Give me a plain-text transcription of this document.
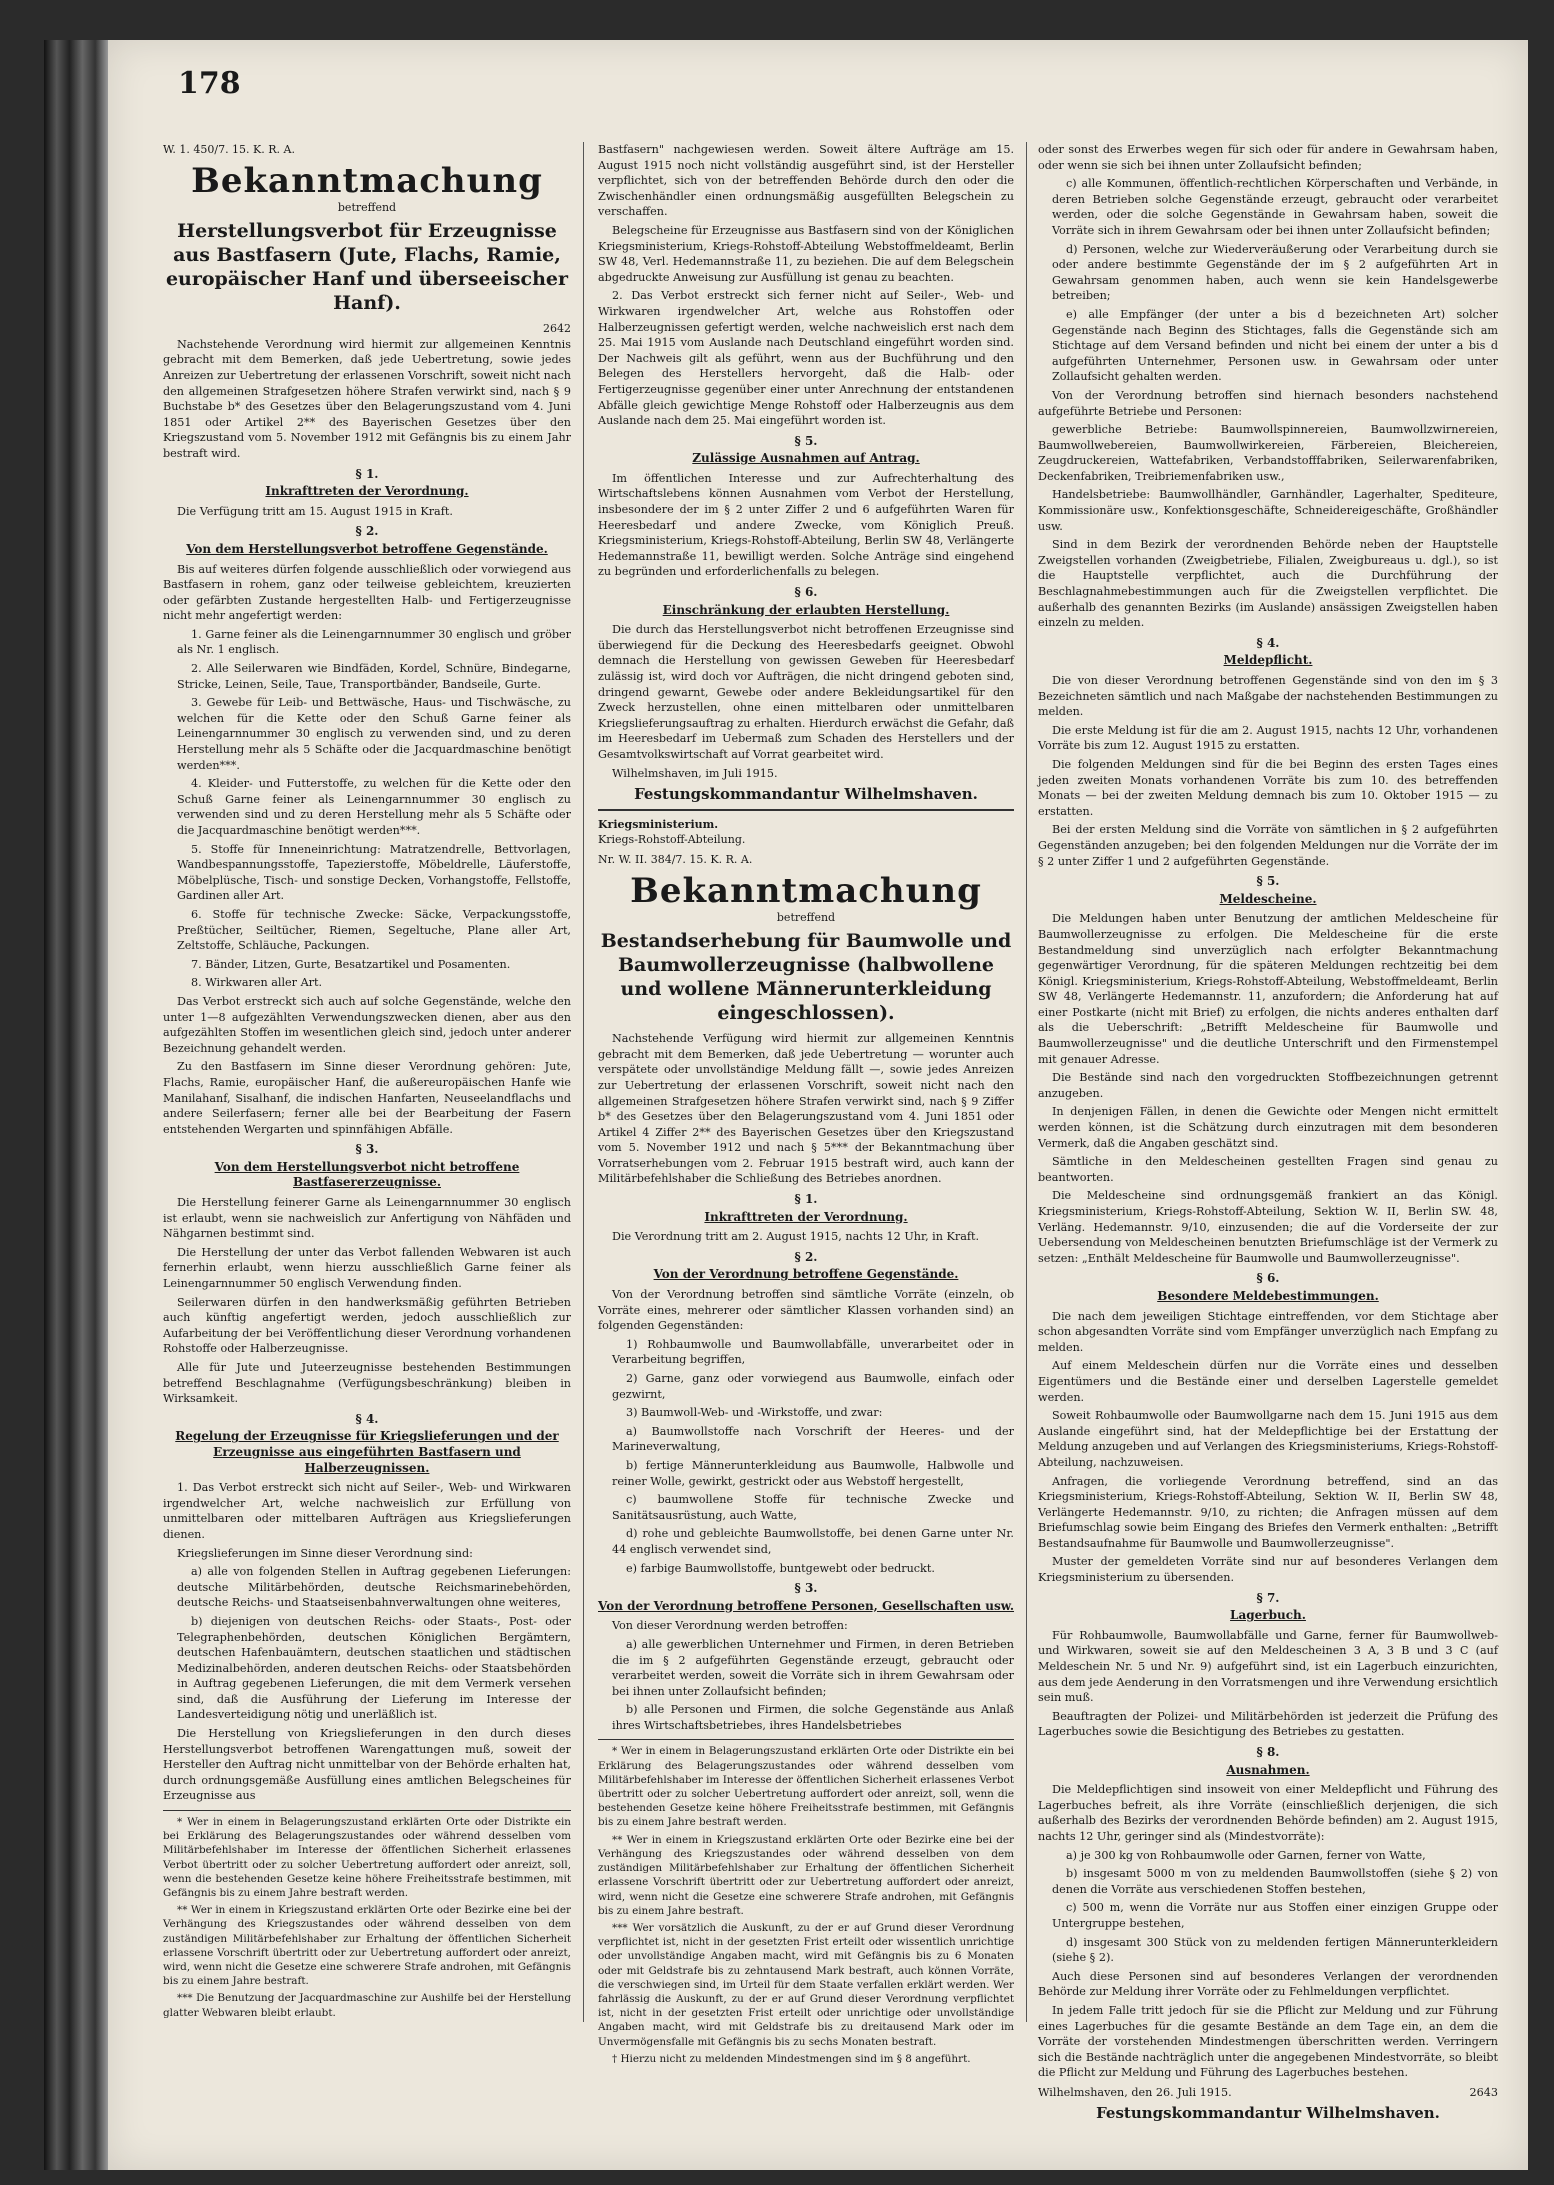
178
W. 1. 450/7. 15. K. R. A.
Bekanntmachung
betreffend
Herstellungsverbot für Erzeugnisse aus Bastfasern (Jute, Flachs, Ramie, europäischer Hanf und überseeischer Hanf).
2642

Nachstehende Verordnung wird hiermit zur allgemeinen Kenntnis gebracht mit dem Bemerken, daß jede Uebertretung, sowie jedes Anreizen zur Uebertretung der erlassenen Vorschrift, soweit nicht nach den allgemeinen Strafgesetzen höhere Strafen verwirkt sind, nach § 9 Buchstabe b* des Gesetzes über den Belagerungszustand vom 4. Juni 1851 oder Artikel 2** des Bayerischen Gesetzes über den Kriegszustand vom 5. November 1912 mit Gefängnis bis zu einem Jahr bestraft wird.

§ 1.
Inkrafttreten der Verordnung.

Die Verfügung tritt am 15. August 1915 in Kraft.

§ 2.
Von dem Herstellungsverbot betroffene Gegenstände.

Bis auf weiteres dürfen folgende ausschließlich oder vorwiegend aus Bastfasern in rohem, ganz oder teilweise gebleichtem, kreuzierten oder gefärbten Zustande hergestellten Halb- und Fertigerzeugnisse nicht mehr angefertigt werden:

1. Garne feiner als die Leinengarnnummer 30 englisch und gröber als Nr. 1 englisch.

2. Alle Seilerwaren wie Bindfäden, Kordel, Schnüre, Bindegarne, Stricke, Leinen, Seile, Taue, Transportbänder, Bandseile, Gurte.

3. Gewebe für Leib- und Bettwäsche, Haus- und Tischwäsche, zu welchen für die Kette oder den Schuß Garne feiner als Leinengarnnummer 30 englisch zu verwenden sind, und zu deren Herstellung mehr als 5 Schäfte oder die Jacquardmaschine benötigt werden***.

4. Kleider- und Futterstoffe, zu welchen für die Kette oder den Schuß Garne feiner als Leinengarnnummer 30 englisch zu verwenden sind und zu deren Herstellung mehr als 5 Schäfte oder die Jacquardmaschine benötigt werden***.

5. Stoffe für Inneneinrichtung: Matratzendrelle, Bettvorlagen, Wandbespannungsstoffe, Tapezierstoffe, Möbeldrelle, Läuferstoffe, Möbelplüsche, Tisch- und sonstige Decken, Vorhangstoffe, Fellstoffe, Gardinen aller Art.

6. Stoffe für technische Zwecke: Säcke, Verpackungsstoffe, Preßtücher, Seiltücher, Riemen, Segeltuche, Plane aller Art, Zeltstoffe, Schläuche, Packungen.

7. Bänder, Litzen, Gurte, Besatzartikel und Posamenten.

8. Wirkwaren aller Art.

Das Verbot erstreckt sich auch auf solche Gegenstände, welche den unter 1—8 aufgezählten Verwendungszwecken dienen, aber aus den aufgezählten Stoffen im wesentlichen gleich sind, jedoch unter anderer Bezeichnung gehandelt werden.

Zu den Bastfasern im Sinne dieser Verordnung gehören: Jute, Flachs, Ramie, europäischer Hanf, die außereuropäischen Hanfe wie Manilahanf, Sisalhanf, die indischen Hanfarten, Neuseelandflachs und andere Seilerfasern; ferner alle bei der Bearbeitung der Fasern entstehenden Wergarten und spinnfähigen Abfälle.

§ 3.
Von dem Herstellungsverbot nicht betroffene Bastfasererzeugnisse.

Die Herstellung feinerer Garne als Leinengarnnummer 30 englisch ist erlaubt, wenn sie nachweislich zur Anfertigung von Nähfäden und Nähgarnen bestimmt sind.

Die Herstellung der unter das Verbot fallenden Webwaren ist auch fernerhin erlaubt, wenn hierzu ausschließlich Garne feiner als Leinengarnnummer 50 englisch Verwendung finden.

Seilerwaren dürfen in den handwerksmäßig geführten Betrieben auch künftig angefertigt werden, jedoch ausschließlich zur Aufarbeitung der bei Veröffentlichung dieser Verordnung vorhandenen Rohstoffe oder Halberzeugnisse.

Alle für Jute und Juteerzeugnisse bestehenden Bestimmungen betreffend Beschlagnahme (Verfügungsbeschränkung) bleiben in Wirksamkeit.

§ 4.
Regelung der Erzeugnisse für Kriegslieferungen und der Erzeugnisse aus eingeführten Bastfasern und Halberzeugnissen.

1. Das Verbot erstreckt sich nicht auf Seiler-, Web- und Wirkwaren irgendwelcher Art, welche nachweislich zur Erfüllung von unmittelbaren oder mittelbaren Aufträgen aus Kriegslieferungen dienen.

Kriegslieferungen im Sinne dieser Verordnung sind:

a) alle von folgenden Stellen in Auftrag gegebenen Lieferungen: deutsche Militärbehörden, deutsche Reichsmarinebehörden, deutsche Reichs- und Staatseisenbahnverwaltungen ohne weiteres,

b) diejenigen von deutschen Reichs- oder Staats-, Post- oder Telegraphenbehörden, deutschen Königlichen Bergämtern, deutschen Hafenbauämtern, deutschen staatlichen und städtischen Medizinalbehörden, anderen deutschen Reichs- oder Staatsbehörden in Auftrag gegebenen Lieferungen, die mit dem Vermerk versehen sind, daß die Ausführung der Lieferung im Interesse der Landesverteidigung nötig und unerläßlich ist.

Die Herstellung von Kriegslieferungen in den durch dieses Herstellungsverbot betroffenen Warengattungen muß, soweit der Hersteller den Auftrag nicht unmittelbar von der Behörde erhalten hat, durch ordnungsgemäße Ausfüllung eines amtlichen Belegscheines für Erzeugnisse aus

* Wer in einem in Belagerungszustand erklärten Orte oder Distrikte ein bei Erklärung des Belagerungszustandes oder während desselben vom Militärbefehlshaber im Interesse der öffentlichen Sicherheit erlassenes Verbot übertritt oder zu solcher Uebertretung auffordert oder anreizt, soll, wenn die bestehenden Gesetze keine höhere Freiheitsstrafe bestimmen, mit Gefängnis bis zu einem Jahre bestraft werden.

** Wer in einem in Kriegszustand erklärten Orte oder Bezirke eine bei der Verhängung des Kriegszustandes oder während desselben von dem zuständigen Militärbefehlshaber zur Erhaltung der öffentlichen Sicherheit erlassene Vorschrift übertritt oder zur Uebertretung auffordert oder anreizt, wird, wenn nicht die Gesetze eine schwerere Strafe androhen, mit Gefängnis bis zu einem Jahre bestraft.

*** Die Benutzung der Jacquardmaschine zur Aushilfe bei der Herstellung glatter Webwaren bleibt erlaubt.

Bastfasern" nachgewiesen werden. Soweit ältere Aufträge am 15. August 1915 noch nicht vollständig ausgeführt sind, ist der Hersteller verpflichtet, sich von der betreffenden Behörde durch den oder die Zwischenhändler einen ordnungsmäßig ausgefüllten Belegschein zu verschaffen.

Belegscheine für Erzeugnisse aus Bastfasern sind von der Königlichen Kriegsministerium, Kriegs-Rohstoff-Abteilung Webstoffmeldeamt, Berlin SW 48, Verl. Hedemannstraße 11, zu beziehen. Die auf dem Belegschein abgedruckte Anweisung zur Ausfüllung ist genau zu beachten.

2. Das Verbot erstreckt sich ferner nicht auf Seiler-, Web- und Wirkwaren irgendwelcher Art, welche aus Rohstoffen oder Halberzeugnissen gefertigt werden, welche nachweislich erst nach dem 25. Mai 1915 vom Auslande nach Deutschland eingeführt worden sind. Der Nachweis gilt als geführt, wenn aus der Buchführung und den Belegen des Herstellers hervorgeht, daß die Halb- oder Fertigerzeugnisse gegenüber einer unter Anrechnung der entstandenen Abfälle gleich gewichtige Menge Rohstoff oder Halberzeugnis aus dem Auslande nach dem 25. Mai eingeführt worden ist.

§ 5.
Zulässige Ausnahmen auf Antrag.

Im öffentlichen Interesse und zur Aufrechterhaltung des Wirtschaftslebens können Ausnahmen vom Verbot der Herstellung, insbesondere der im § 2 unter Ziffer 2 und 6 aufgeführten Waren für Heeresbedarf und andere Zwecke, vom Königlich Preuß. Kriegsministerium, Kriegs-Rohstoff-Abteilung, Berlin SW 48, Verlängerte Hedemannstraße 11, bewilligt werden. Solche Anträge sind eingehend zu begründen und erforderlichenfalls zu belegen.

§ 6.
Einschränkung der erlaubten Herstellung.

Die durch das Herstellungsverbot nicht betroffenen Erzeugnisse sind überwiegend für die Deckung des Heeresbedarfs geeignet. Obwohl demnach die Herstellung von gewissen Geweben für Heeresbedarf zulässig ist, wird doch vor Aufträgen, die nicht dringend geboten sind, dringend gewarnt, Gewebe oder andere Bekleidungsartikel für den Zweck herzustellen, ohne einen mittelbaren oder unmittelbaren Kriegslieferungsauftrag zu erhalten. Hierdurch erwächst die Gefahr, daß im Heeresbedarf im Uebermaß zum Schaden des Herstellers und der Gesamtvolkswirtschaft auf Vorrat gearbeitet wird.

Wilhelmshaven, im Juli 1915.

Festungskommandantur Wilhelmshaven.
Kriegsministerium.
Kriegs-Rohstoff-Abteilung.
Nr. W. II. 384/7. 15. K. R. A.
Bekanntmachung
betreffend
Bestandserhebung für Baumwolle und Baumwollerzeugnisse (halbwollene und wollene Männerunterkleidung eingeschlossen).

Nachstehende Verfügung wird hiermit zur allgemeinen Kenntnis gebracht mit dem Bemerken, daß jede Uebertretung — worunter auch verspätete oder unvollständige Meldung fällt —, sowie jedes Anreizen zur Uebertretung der erlassenen Vorschrift, soweit nicht nach den allgemeinen Strafgesetzen höhere Strafen verwirkt sind, nach § 9 Ziffer b* des Gesetzes über den Belagerungszustand vom 4. Juni 1851 oder Artikel 4 Ziffer 2** des Bayerischen Gesetzes über den Kriegszustand vom 5. November 1912 und nach § 5*** der Bekanntmachung über Vorratserhebungen vom 2. Februar 1915 bestraft wird, auch kann der Militärbefehlshaber die Schließung des Betriebes anordnen.

§ 1.
Inkrafttreten der Verordnung.

Die Verordnung tritt am 2. August 1915, nachts 12 Uhr, in Kraft.

§ 2.
Von der Verordnung betroffene Gegenstände.

Von der Verordnung betroffen sind sämtliche Vorräte (einzeln, ob Vorräte eines, mehrerer oder sämtlicher Klassen vorhanden sind) an folgenden Gegenständen:

1) Rohbaumwolle und Baumwollabfälle, unverarbeitet oder in Verarbeitung begriffen,

2) Garne, ganz oder vorwiegend aus Baumwolle, einfach oder gezwirnt,

3) Baumwoll-Web- und -Wirkstoffe, und zwar:

a) Baumwollstoffe nach Vorschrift der Heeres- und der Marineverwaltung,

b) fertige Männerunterkleidung aus Baumwolle, Halbwolle und reiner Wolle, gewirkt, gestrickt oder aus Webstoff hergestellt,

c) baumwollene Stoffe für technische Zwecke und Sanitätsausrüstung, auch Watte,

d) rohe und gebleichte Baumwollstoffe, bei denen Garne unter Nr. 44 englisch verwendet sind,

e) farbige Baumwollstoffe, buntgewebt oder bedruckt.

§ 3.
Von der Verordnung betroffene Personen, Gesellschaften usw.

Von dieser Verordnung werden betroffen:

a) alle gewerblichen Unternehmer und Firmen, in deren Betrieben die im § 2 aufgeführten Gegenstände erzeugt, gebraucht oder verarbeitet werden, soweit die Vorräte sich in ihrem Gewahrsam oder bei ihnen unter Zollaufsicht befinden;

b) alle Personen und Firmen, die solche Gegenstände aus Anlaß ihres Wirtschaftsbetriebes, ihres Handelsbetriebes

* Wer in einem in Belagerungszustand erklärten Orte oder Distrikte ein bei Erklärung des Belagerungszustandes oder während desselben vom Militärbefehlshaber im Interesse der öffentlichen Sicherheit erlassenes Verbot übertritt oder zu solcher Uebertretung auffordert oder anreizt, soll, wenn die bestehenden Gesetze keine höhere Freiheitsstrafe bestimmen, mit Gefängnis bis zu einem Jahre bestraft werden.

** Wer in einem in Kriegszustand erklärten Orte oder Bezirke eine bei der Verhängung des Kriegszustandes oder während desselben von dem zuständigen Militärbefehlshaber zur Erhaltung der öffentlichen Sicherheit erlassene Vorschrift übertritt oder zur Uebertretung auffordert oder anreizt, wird, wenn nicht die Gesetze eine schwerere Strafe androhen, mit Gefängnis bis zu einem Jahre bestraft.

*** Wer vorsätzlich die Auskunft, zu der er auf Grund dieser Verordnung verpflichtet ist, nicht in der gesetzten Frist erteilt oder wissentlich unrichtige oder unvollständige Angaben macht, wird mit Gefängnis bis zu 6 Monaten oder mit Geldstrafe bis zu zehntausend Mark bestraft, auch können Vorräte, die verschwiegen sind, im Urteil für dem Staate verfallen erklärt werden. Wer fahrlässig die Auskunft, zu der er auf Grund dieser Verordnung verpflichtet ist, nicht in der gesetzten Frist erteilt oder unrichtige oder unvollständige Angaben macht, wird mit Geldstrafe bis zu dreitausend Mark oder im Unvermögensfalle mit Gefängnis bis zu sechs Monaten bestraft.

† Hierzu nicht zu meldenden Mindestmengen sind im § 8 angeführt.

oder sonst des Erwerbes wegen für sich oder für andere in Gewahrsam haben, oder wenn sie sich bei ihnen unter Zollaufsicht befinden;

c) alle Kommunen, öffentlich-rechtlichen Körperschaften und Verbände, in deren Betrieben solche Gegenstände erzeugt, gebraucht oder verarbeitet werden, oder die solche Gegenstände in Gewahrsam haben, soweit die Vorräte sich in ihrem Gewahrsam oder bei ihnen unter Zollaufsicht befinden;

d) Personen, welche zur Wiederveräußerung oder Verarbeitung durch sie oder andere bestimmte Gegenstände der im § 2 aufgeführten Art in Gewahrsam genommen haben, auch wenn sie kein Handelsgewerbe betreiben;

e) alle Empfänger (der unter a bis d bezeichneten Art) solcher Gegenstände nach Beginn des Stichtages, falls die Gegenstände sich am Stichtage auf dem Versand befinden und nicht bei einem der unter a bis d aufgeführten Unternehmer, Personen usw. in Gewahrsam oder unter Zollaufsicht gehalten werden.

Von der Verordnung betroffen sind hiernach besonders nachstehend aufgeführte Betriebe und Personen:

gewerbliche Betriebe: Baumwollspinnereien, Baumwollzwirnereien, Baumwollwebereien, Baumwollwirkereien, Färbereien, Bleichereien, Zeugdruckereien, Wattefabriken, Verbandstofffabriken, Seilerwarenfabriken, Deckenfabriken, Treibriemenfabriken usw.,

Handelsbetriebe: Baumwollhändler, Garnhändler, Lagerhalter, Spediteure, Kommissionäre usw., Konfektionsgeschäfte, Schneidereigeschäfte, Großhändler usw.

Sind in dem Bezirk der verordnenden Behörde neben der Hauptstelle Zweigstellen vorhanden (Zweigbetriebe, Filialen, Zweigbureaus u. dgl.), so ist die Hauptstelle verpflichtet, auch die Durchführung der Beschlagnahmebestimmungen auch für die Zweigstellen verpflichtet. Die außerhalb des genannten Bezirks (im Auslande) ansässigen Zweigstellen haben einzeln zu melden.

§ 4.
Meldepflicht.

Die von dieser Verordnung betroffenen Gegenstände sind von den im § 3 Bezeichneten sämtlich und nach Maßgabe der nachstehenden Bestimmungen zu melden.

Die erste Meldung ist für die am 2. August 1915, nachts 12 Uhr, vorhandenen Vorräte bis zum 12. August 1915 zu erstatten.

Die folgenden Meldungen sind für die bei Beginn des ersten Tages eines jeden zweiten Monats vorhandenen Vorräte bis zum 10. des betreffenden Monats — bei der zweiten Meldung demnach bis zum 10. Oktober 1915 — zu erstatten.

Bei der ersten Meldung sind die Vorräte von sämtlichen in § 2 aufgeführten Gegenständen anzugeben; bei den folgenden Meldungen nur die Vorräte der im § 2 unter Ziffer 1 und 2 aufgeführten Gegenstände.

§ 5.
Meldescheine.

Die Meldungen haben unter Benutzung der amtlichen Meldescheine für Baumwollerzeugnisse zu erfolgen. Die Meldescheine für die erste Bestandmeldung sind unverzüglich nach erfolgter Bekanntmachung gegenwärtiger Verordnung, für die späteren Meldungen rechtzeitig bei dem Königl. Kriegsministerium, Kriegs-Rohstoff-Abteilung, Webstoffmeldeamt, Berlin SW 48, Verlängerte Hedemannstr. 11, anzufordern; die Anforderung hat auf einer Postkarte (nicht mit Brief) zu erfolgen, die nichts anderes enthalten darf als die Ueberschrift: „Betrifft Meldescheine für Baumwolle und Baumwollerzeugnisse" und die deutliche Unterschrift und den Firmenstempel mit genauer Adresse.

Die Bestände sind nach den vorgedruckten Stoffbezeichnungen getrennt anzugeben.

In denjenigen Fällen, in denen die Gewichte oder Mengen nicht ermittelt werden können, ist die Schätzung durch einzutragen mit dem besonderen Vermerk, daß die Angaben geschätzt sind.

Sämtliche in den Meldescheinen gestellten Fragen sind genau zu beantworten.

Die Meldescheine sind ordnungsgemäß frankiert an das Königl. Kriegsministerium, Kriegs-Rohstoff-Abteilung, Sektion W. II, Berlin SW. 48, Verläng. Hedemannstr. 9/10, einzusenden; die auf die Vorderseite der zur Uebersendung von Meldescheinen benutzten Briefumschläge ist der Vermerk zu setzen: „Enthält Meldescheine für Baumwolle und Baumwollerzeugnisse".

§ 6.
Besondere Meldebestimmungen.

Die nach dem jeweiligen Stichtage eintreffenden, vor dem Stichtage aber schon abgesandten Vorräte sind vom Empfänger unverzüglich nach Empfang zu melden.

Auf einem Meldeschein dürfen nur die Vorräte eines und desselben Eigentümers und die Bestände einer und derselben Lagerstelle gemeldet werden.

Soweit Rohbaumwolle oder Baumwollgarne nach dem 15. Juni 1915 aus dem Auslande eingeführt sind, hat der Meldepflichtige bei der Erstattung der Meldung anzugeben und auf Verlangen des Kriegsministeriums, Kriegs-Rohstoff-Abteilung, nachzuweisen.

Anfragen, die vorliegende Verordnung betreffend, sind an das Kriegsministerium, Kriegs-Rohstoff-Abteilung, Sektion W. II, Berlin SW 48, Verlängerte Hedemannstr. 9/10, zu richten; die Anfragen müssen auf dem Briefumschlag sowie beim Eingang des Briefes den Vermerk enthalten: „Betrifft Bestandsaufnahme für Baumwolle und Baumwollerzeugnisse".

Muster der gemeldeten Vorräte sind nur auf besonderes Verlangen dem Kriegsministerium zu übersenden.

§ 7.
Lagerbuch.

Für Rohbaumwolle, Baumwollabfälle und Garne, ferner für Baumwollweb- und Wirkwaren, soweit sie auf den Meldescheinen 3 A, 3 B und 3 C (auf Meldeschein Nr. 5 und Nr. 9) aufgeführt sind, ist ein Lagerbuch einzurichten, aus dem jede Aenderung in den Vorratsmengen und ihre Verwendung ersichtlich sein muß.

Beauftragten der Polizei- und Militärbehörden ist jederzeit die Prüfung des Lagerbuches sowie die Besichtigung des Betriebes zu gestatten.

§ 8.
Ausnahmen.

Die Meldepflichtigen sind insoweit von einer Meldepflicht und Führung des Lagerbuches befreit, als ihre Vorräte (einschließlich derjenigen, die sich außerhalb des Bezirks der verordnenden Behörde befinden) am 2. August 1915, nachts 12 Uhr, geringer sind als (Mindestvorräte):

a) je 300 kg von Rohbaumwolle oder Garnen, ferner von Watte,

b) insgesamt 5000 m von zu meldenden Baumwollstoffen (siehe § 2) von denen die Vorräte aus verschiedenen Stoffen bestehen,

c) 500 m, wenn die Vorräte nur aus Stoffen einer einzigen Gruppe oder Untergruppe bestehen,

d) insgesamt 300 Stück von zu meldenden fertigen Männerunterkleidern (siehe § 2).

Auch diese Personen sind auf besonderes Verlangen der verordnenden Behörde zur Meldung ihrer Vorräte oder zu Fehlmeldungen verpflichtet.

In jedem Falle tritt jedoch für sie die Pflicht zur Meldung und zur Führung eines Lagerbuches für die gesamte Bestände an dem Tage ein, an dem die Vorräte der vorstehenden Mindestmengen überschritten werden. Verringern sich die Bestände nachträglich unter die angegebenen Mindestvorräte, so bleibt die Pflicht zur Meldung und Führung des Lagerbuches bestehen.

Wilhelmshaven, den 26. Juli 1915.	2643
Festungskommandantur Wilhelmshaven.
